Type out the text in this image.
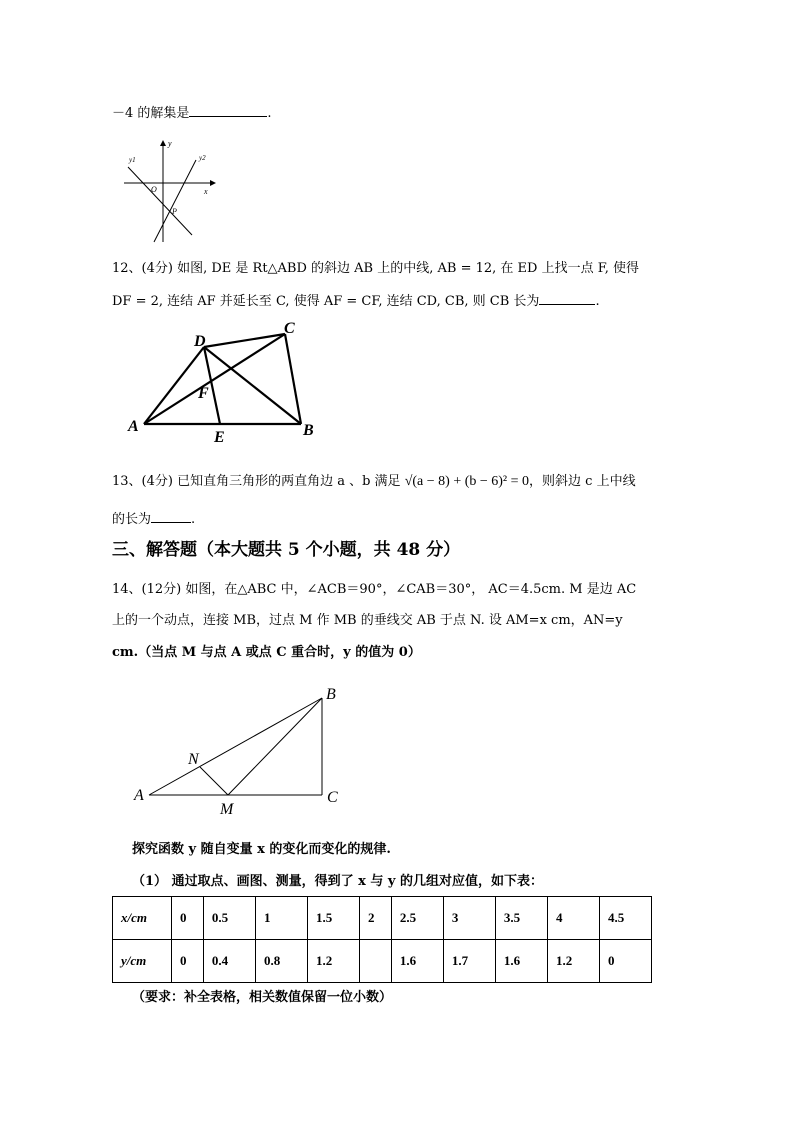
－4 的解集是	.
y
x
O
y1	y2
P
12、(4分) 如图, DE 是 Rt△ABD 的斜边 AB 上的中线, AB = 12, 在 ED 上找一点 F, 使得
DF = 2, 连结 AF 并延长至 C, 使得 AF = CF, 连结 CD, CB, 则 CB 长为	.
A	B
C
D
E
F
13、(4分) 已知直角三角形的两直角边 a 、b 满足 √(a − 8) + (b − 6)² = 0，则斜边 c 上中线
的长为	.
三、解答题（本大题共 5 个小题，共 48 分）
14、(12分) 如图，在△ABC 中，∠ACB＝90°，∠CAB＝30°， AC＝4.5cm. M 是边 AC
上的一个动点，连接 MB，过点 M 作 MB 的垂线交 AB 于点 N. 设 AM=x cm，AN=y
cm.（当点 M 与点 A 或点 C 重合时，y 的值为 0）
A
B
C
M
N
探究函数 y 随自变量 x 的变化而变化的规律.
（1） 通过取点、画图、测量，得到了 x 与 y 的几组对应值，如下表：
x/cm	0	0.5	1	1.5	2	2.5	3	3.5	4	4.5
y/cm	0	0.4	0.8	1.2		1.6	1.7	1.6	1.2	0
（要求：补全表格，相关数值保留一位小数）
